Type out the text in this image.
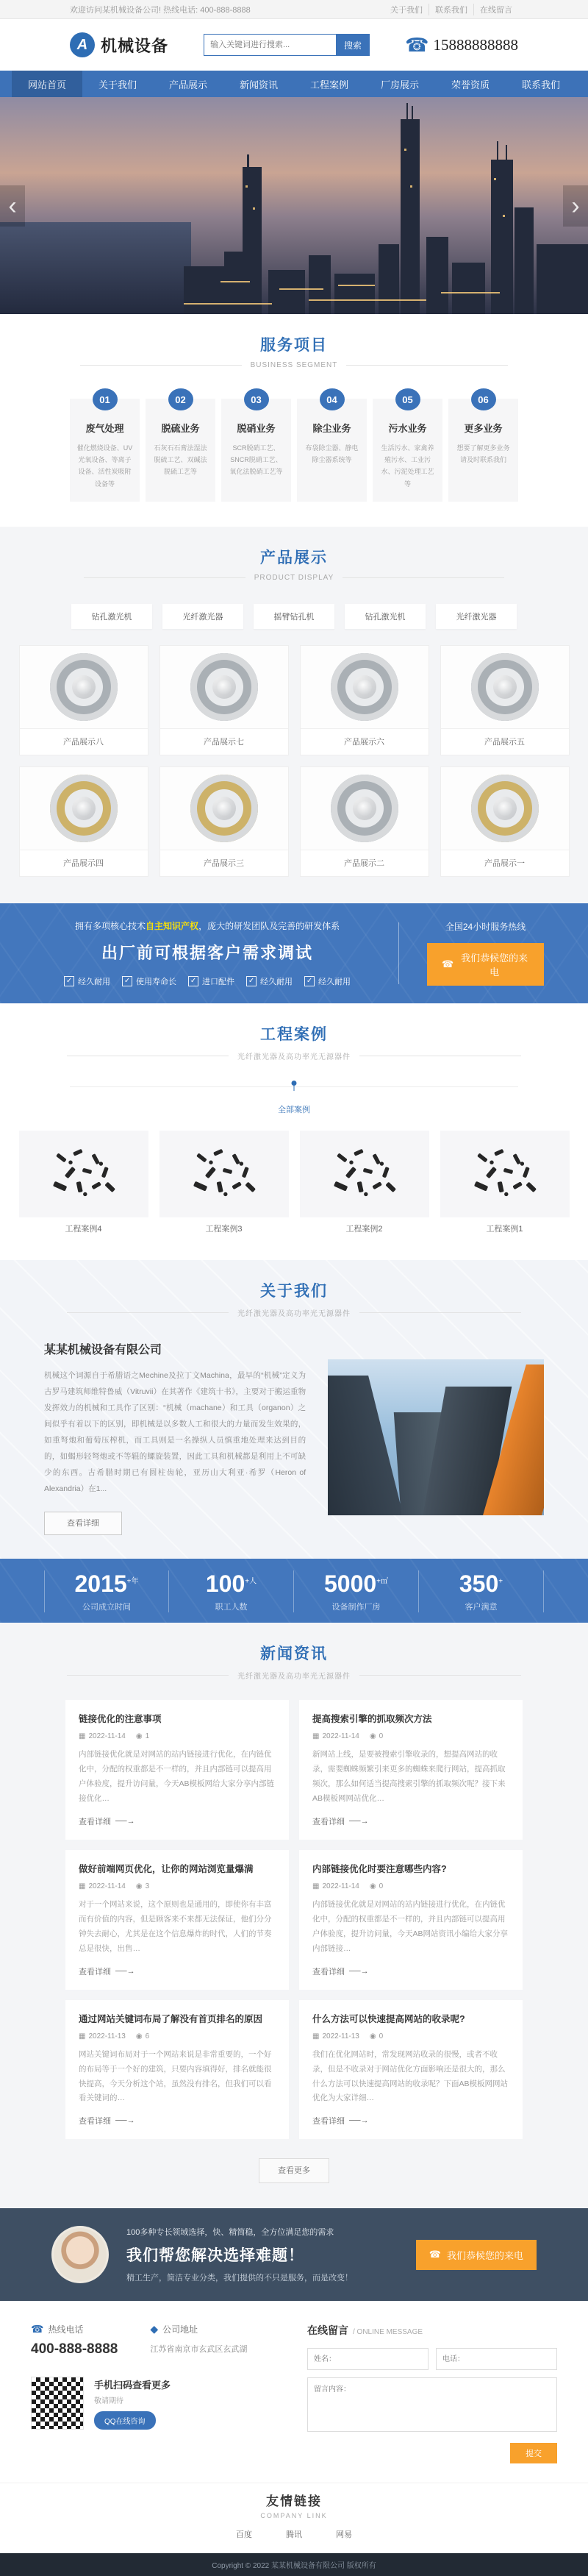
欢迎访问某机械设备公司! 热线电话: 400-888-8888	关于我们	联系我们	在线留言
A 机械设备
输入关键词进行搜索...	搜索	☎ 15888888888
网站首页	关于我们	产品展示	新闻资讯	工程案例	厂房展示	荣誉资质	联系我们
‹	›
服务项目
BUSINESS SEGMENT
01
废气处理
催化燃烧设备、UV光氧设备、等离子设备、活性炭吸附设备等
02
脱硫业务
石灰石石膏法湿法脱硫工艺、双碱法脱硫工艺等
03
脱硝业务
SCR脱硝工艺、SNCR脱硝工艺、氧化法脱硝工艺等
04
除尘业务
布袋除尘器、静电除尘器系统等
05
污水业务
生活污水、家禽养殖污水、工业污水、污泥处理工艺等
06
更多业务
想要了解更多业务请及时联系我们
产品展示
PRODUCT DISPLAY
钻孔激光机	光纤激光器	摇臂钻孔机	钻孔激光机	光纤激光器
产品展示八	产品展示七	产品展示六	产品展示五
产品展示四	产品展示三	产品展示二	产品展示一
拥有多项核心技术自主知识产权，庞大的研发团队及完善的研发体系
出厂前可根据客户需求调试
✓ 经久耐用 ✓ 使用寿命长 ✓ 进口配件 ✓ 经久耐用 ✓ 经久耐用
全国24小时服务热线
☎
我们恭候您的来电
工程案例
光纤激光器及高功率光无源器件
全部案例
工程案例4	工程案例3	工程案例2	工程案例1
关于我们
光纤激光器及高功率光无源器件
某某机械设备有限公司

机械这个词源自于希腊语之Mechine及拉丁文Machina，最早的“机械”定义为古罗马建筑师维特鲁威（Vitruvii）在其著作《建筑十书》，主要对于搬运重物发挥效力的机械和工具作了区别：“机械（machane）和工具（organon）之间似乎有着以下的区别，即机械是以多数人工和很大的力量而发生效果的，如重弩炮和葡萄压榨机，而工具则是一名操纵人员慎重地处理来达到目的的，如蝎形轻弩炮或不等辊的螺旋装置，因此工具和机械都是利用上不可缺少的东西。古希腊时期已有圆柱齿轮，亚历山大利亚·希罗（Heron of Alexandria）在1...

查看详细
$2015^{+年}$
公司成立时间
$100^{+人}$
职工人数
5000+㎡
设备制作厂房
350+
客户满意
新闻资讯
光纤激光器及高功率光无源器件
链接优化的注意事项
▦ 2022-11-14 ◉ 1

内部链接优化就是对网站的站内链接进行优化，在内链优化中，分配的权重都是不一样的，并且内部链可以提高用户体验度，提升访问量，今天AB模板网给大家分享内部链接优化…

查看详细 ──→
提高搜索引擎的抓取频次方法
▦ 2022-11-14 ◉ 0

新网站上线，是要被搜索引擎收录的，想提高网站的收录，需要蜘蛛频繁引来更多的蜘蛛来爬行网站，提高抓取频次，那么如何适当提高搜索引擎的抓取频次呢？接下来AB模板网网站优化…

查看详细 ──→
做好前端网页优化，让你的网站浏览量爆满
▦ 2022-11-14 ◉ 3

对于一个网站来说，这个原则也是通用的，即使你有丰富而有价值的内容，但是顾客来不来都无法保证，他们分分钟失去耐心，尤其是在这个信息爆炸的时代，人们的节奏总是很快，出售…

查看详细 ──→
内部链接优化时要注意哪些内容?
▦ 2022-11-14 ◉ 0

内部链接优化就是对网站的站内链接进行优化，在内链优化中，分配的权重都是不一样的，并且内部链可以提高用户体验度，提升访问量，今天AB网站资讯小编给大家分享内部链接…

查看详细 ──→
通过网站关键词布局了解没有首页排名的原因
▦ 2022-11-13 ◉ 6

网站关键词布局对于一个网站来说是非常重要的，一个好的布局等于一个好的建筑，只要内容填得好，排名就能很快提高，今天分析这个站，虽然没有排名，但我们可以看看关键词的…

查看详细 ──→
什么方法可以快速提高网站的收录呢?
▦ 2022-11-13 ◉ 0

我们在优化网站时，常发现网站收录的很慢，或者不收录，但是不收录对于网站优化方面影响还是很大的，那么什么方法可以快速提高网站的收录呢？下面AB模板网网站优化为大家详细…

查看详细 ──→
查看更多
100多种专长领域选择，快、精简稳，全方位满足您的需求
我们帮您解决选择难题！
精工生产，简洁专业分类，我们提供的不只是服务，而是改变！
☎ 我们恭候您的来电
☎ 热线电话
400-888-8888
◆ 公司地址
江苏省南京市玄武区玄武湖
手机扫码查看更多
敬请期待
QQ在线咨询
在线留言 / ONLINE MESSAGE
姓名：
电话：
留言内容：
提交
友情链接
COMPANY LINK
百度	腾讯	网易
Copyright © 2022 某某机械设备有限公司 版权所有
